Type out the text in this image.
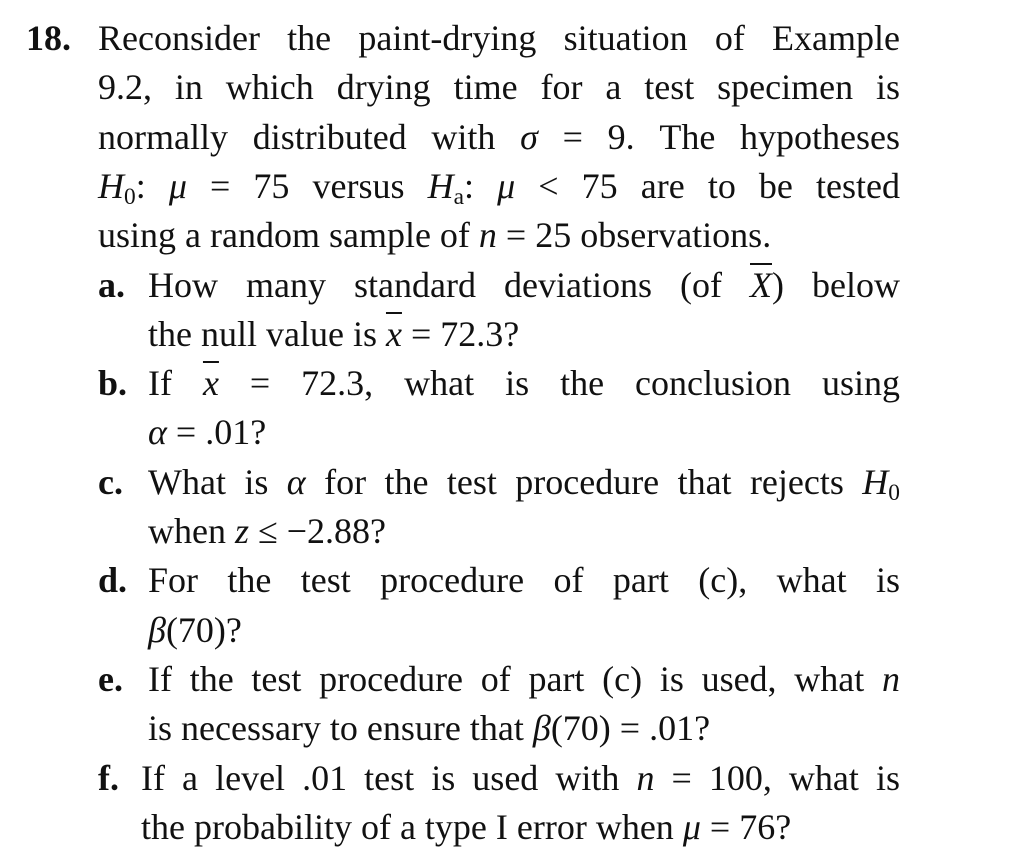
18. Reconsider the paint-drying situation of Example
9.2, in which drying time for a test specimen is
normally distributed with σ = 9. The hypotheses
$H_0$: μ = 75 versus $H_a$: μ < 75 are to be tested
using a random sample of n = 25 observations.
a. How many standard deviations (of $\overline{X}$) below
the null value is $\overline{x} = 72.3$?
b. If $\overline{x} = 72.3$, what is the conclusion using
α = .01?
c. What is α for the test procedure that rejects $H_0$
when z ≤ −2.88?
d. For the test procedure of part (c), what is
β(70)?
e. If the test procedure of part (c) is used, what n
is necessary to ensure that β(70) = .01?
f. If a level .01 test is used with n = 100, what is
the probability of a type I error when μ = 76?
